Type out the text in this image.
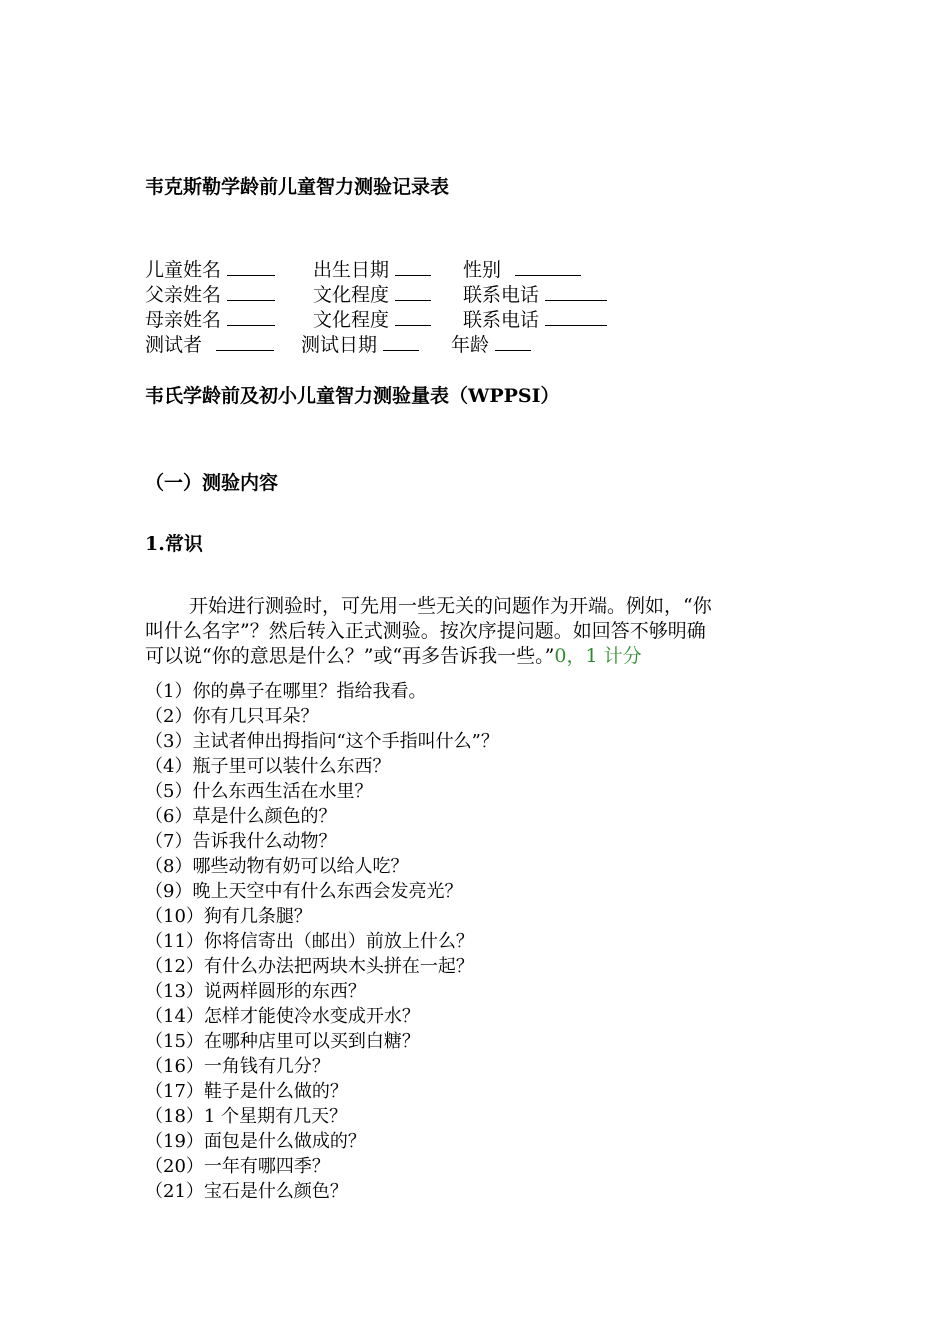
韦克斯勒学龄前儿童智力测验记录表
儿童姓名	出生日期	性别
父亲姓名	文化程度	联系电话
母亲姓名	文化程度	联系电话
测试者	测试日期	年龄
韦氏学龄前及初小儿童智力测验量表（WPPSI）
（一）测验内容
1.常识
开始进行测验时，可先用一些无关的问题作为开端。例如，“你
叫什么名字”？然后转入正式测验。按次序提问题。如回答不够明确
可以说“你的意思是什么？”或“再多告诉我一些。”0，1 计分
（1）你的鼻子在哪里？指给我看。
（2）你有几只耳朵？
（3）主试者伸出拇指问“这个手指叫什么”？
（4）瓶子里可以装什么东西？
（5）什么东西生活在水里？
（6）草是什么颜色的？
（7）告诉我什么动物？
（8）哪些动物有奶可以给人吃？
（9）晚上天空中有什么东西会发亮光？
（10）狗有几条腿？
（11）你将信寄出（邮出）前放上什么？
（12）有什么办法把两块木头拼在一起？
（13）说两样圆形的东西？
（14）怎样才能使冷水变成开水？
（15）在哪种店里可以买到白糖？
（16）一角钱有几分？
（17）鞋子是什么做的？
（18）1 个星期有几天？
（19）面包是什么做成的？
（20）一年有哪四季？
（21）宝石是什么颜色？
